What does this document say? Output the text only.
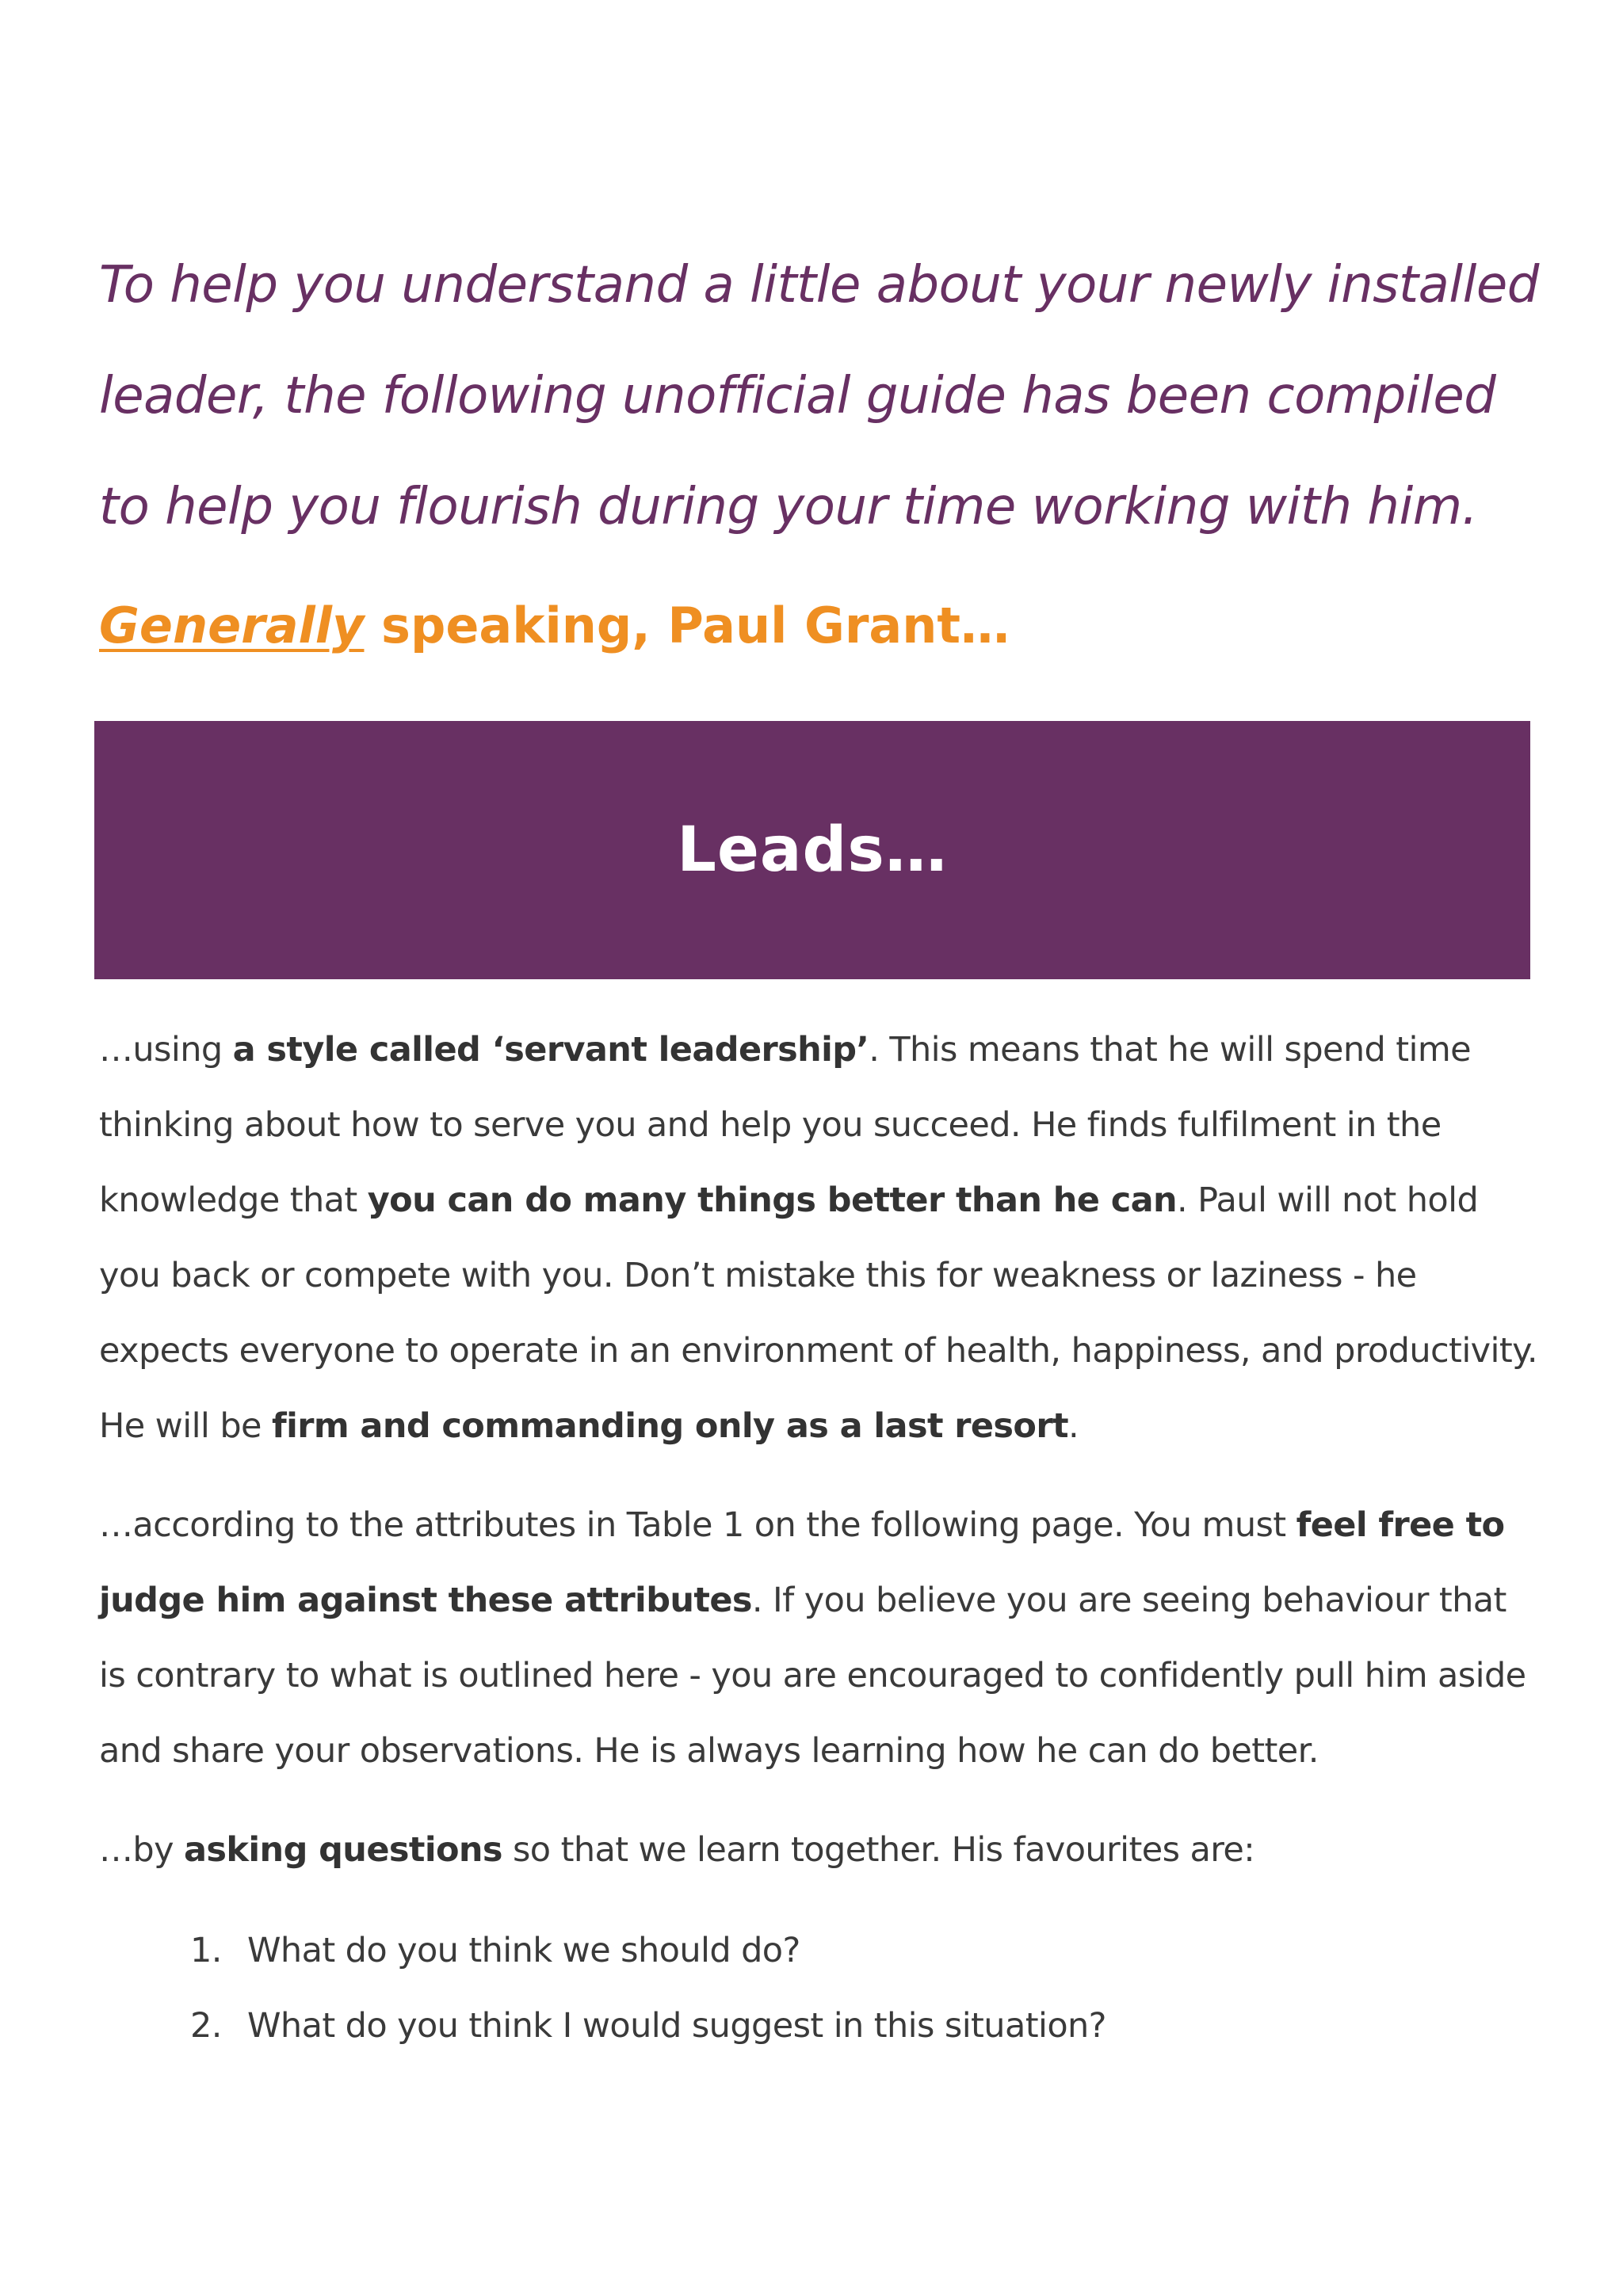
To help you understand a little about your newly installed leader, the following unofficial guide has been compiled to help you flourish during your time working with him.

Generally speaking, Paul Grant…
Leads…

…using a style called ‘servant leadership’. This means that he will spend time thinking about how to serve you and help you succeed. He finds fulfilment in the knowledge that you can do many things better than he can. Paul will not hold you back or compete with you. Don’t mistake this for weakness or laziness - he expects everyone to operate in an environment of health, happiness, and productivity.
He will be firm and commanding only as a last resort.

…according to the attributes in Table 1 on the following page. You must feel free to judge him against these attributes. If you believe you are seeing behaviour that is contrary to what is outlined here - you are encouraged to confidently pull him aside and share your observations. He is always learning how he can do better.

…by asking questions so that we learn together. His favourites are:

1. What do you think we should do?
2. What do you think I would suggest in this situation?
